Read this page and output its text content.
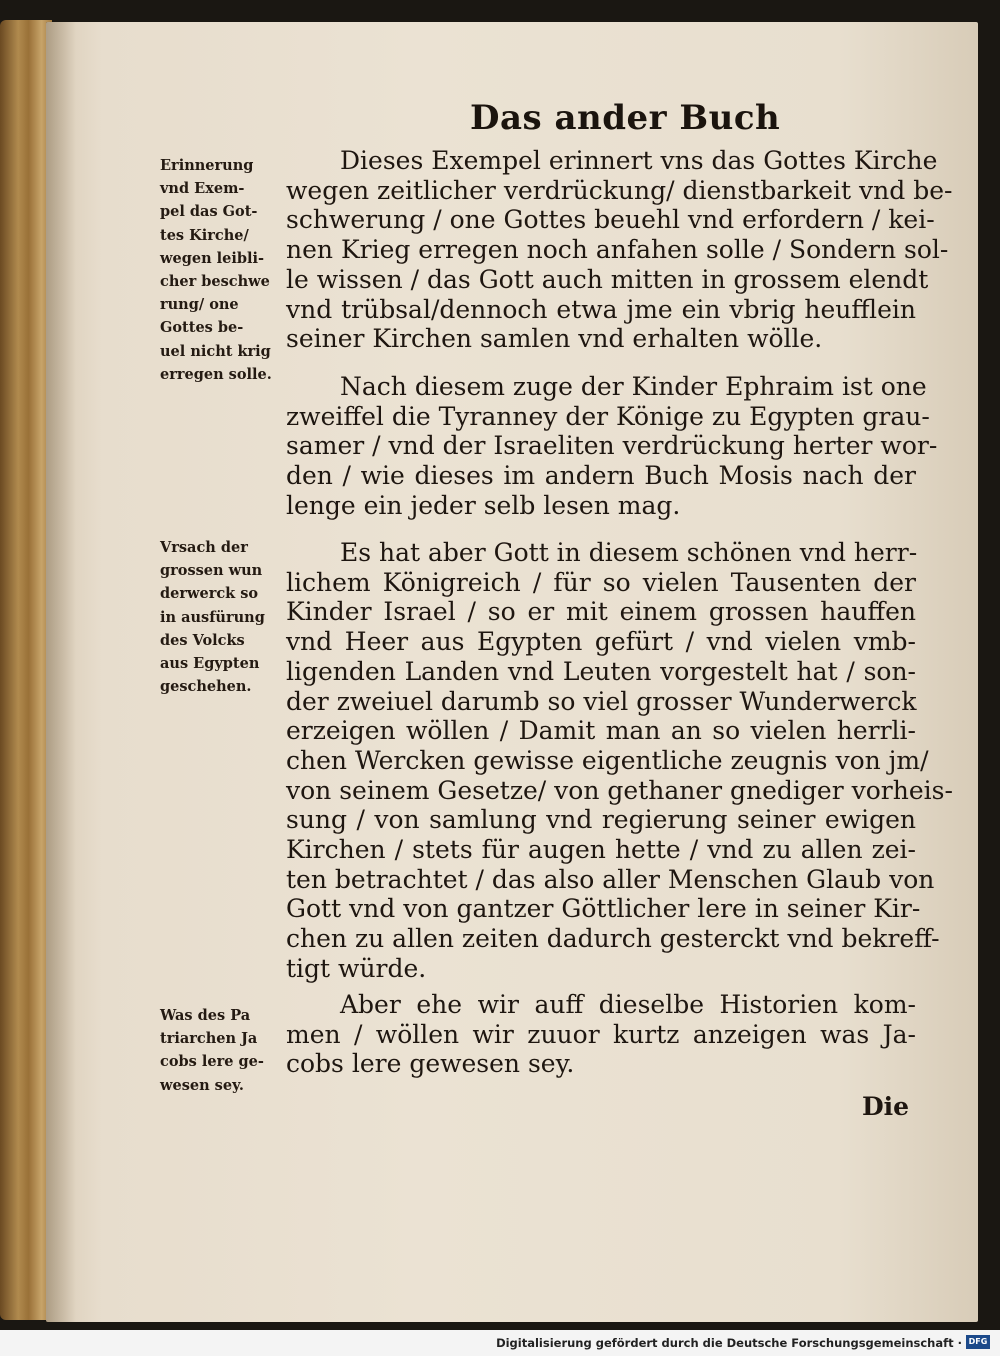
Das ander Buch
Erinnerung
vnd Exem-
pel das Got-
tes Kirche/
wegen leibli-
cher beschwe
rung/ one
Gottes be-
uel nicht krig
erregen solle.
Vrsach der
grossen wun
derwerck so
in ausfürung
des Volcks
aus Egypten
geschehen.
Was des Pa
triarchen Ja
cobs lere ge-
wesen sey.
Dieses Exempel erinnert vns das Gottes Kirche
wegen zeitlicher verdrückung/ dienstbarkeit vnd be-
schwerung / one Gottes beuehl vnd erfordern / kei-
nen Krieg erregen noch anfahen solle / Sondern sol-
le wissen / das Gott auch mitten in grossem elendt
vnd trübsal/dennoch etwa jme ein vbrig heufflein
seiner Kirchen samlen vnd erhalten wölle.
Nach diesem zuge der Kinder Ephraim ist one
zweiffel die Tyranney der Könige zu Egypten grau-
samer / vnd der Israeliten verdrückung herter wor-
den / wie dieses im andern Buch Mosis nach der
lenge ein jeder selb lesen mag.
Es hat aber Gott in diesem schönen vnd herr-
lichem Königreich / für so vielen Tausenten der
Kinder Israel / so er mit einem grossen hauffen
vnd Heer aus Egypten gefürt / vnd vielen vmb-
ligenden Landen vnd Leuten vorgestelt hat / son-
der zweiuel darumb so viel grosser Wunderwerck
erzeigen wöllen / Damit man an so vielen herrli-
chen Wercken gewisse eigentliche zeugnis von jm/
von seinem Gesetze/ von gethaner gnediger vorheis-
sung / von samlung vnd regierung seiner ewigen
Kirchen / stets für augen hette / vnd zu allen zei-
ten betrachtet / das also aller Menschen Glaub von
Gott vnd von gantzer Göttlicher lere in seiner Kir-
chen zu allen zeiten dadurch gesterckt vnd bekreff-
tigt würde.
Aber ehe wir auff dieselbe Historien kom-
men / wöllen wir zuuor kurtz anzeigen was Ja-
cobs lere gewesen sey.
Die
Digitalisierung gefördert durch die Deutsche Forschungsgemeinschaft · DFG
